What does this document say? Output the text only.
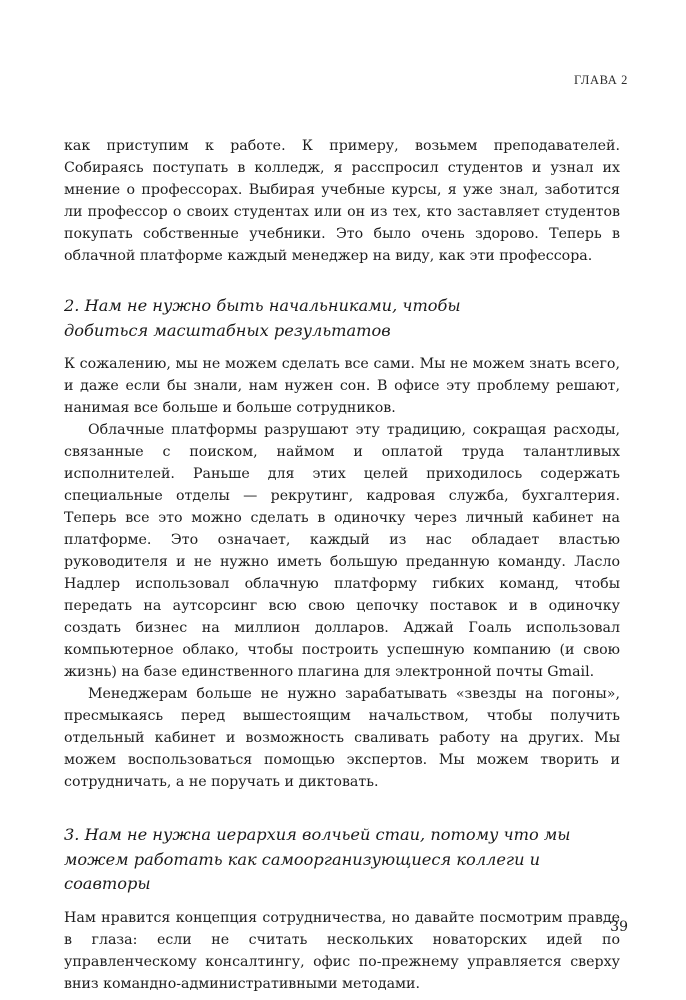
ГЛАВА 2

как приступим к работе. К примеру, возьмем преподавателей. Собираясь поступать в колледж, я расспросил студентов и узнал их мнение о профессорах. Выбирая учебные курсы, я уже знал, заботится ли профессор о своих студентах или он из тех, кто заставляет студентов покупать собственные учебники. Это было очень здорово. Теперь в облачной платформе каждый менеджер на виду, как эти профессора.

2. Нам не нужно быть начальниками, чтобы
добиться масштабных результатов

К сожалению, мы не можем сделать все сами. Мы не можем знать всего, и даже если бы знали, нам нужен сон. В офисе эту проблему решают, нанимая все больше и больше сотрудников.

Облачные платформы разрушают эту традицию, сокращая расходы, связанные с поиском, наймом и оплатой труда талантливых исполнителей. Раньше для этих целей приходилось содержать специальные отделы — рекрутинг, кадровая служба, бухгалтерия. Теперь все это можно сделать в одиночку через личный кабинет на платформе. Это означает, каждый из нас обладает властью руководителя и не нужно иметь большую преданную команду. Ласло Надлер использовал облачную платформу гибких команд, чтобы передать на аутсорсинг всю свою цепочку поставок и в одиночку создать бизнес на миллион долларов. Аджай Гоаль использовал компьютерное облако, чтобы построить успешную компанию (и свою жизнь) на базе единственного плагина для электронной почты Gmail.

Менеджерам больше не нужно зарабатывать «звезды на погоны», пресмыкаясь перед вышестоящим начальством, чтобы получить отдельный кабинет и возможность сваливать работу на других. Мы можем воспользоваться помощью экспертов. Мы можем творить и сотрудничать, а не поручать и диктовать.

3. Нам не нужна иерархия волчьей стаи, потому что мы
можем работать как самоорганизующиеся коллеги и соавторы

Нам нравится концепция сотрудничества, но давайте посмотрим правде в глаза: если не считать нескольких новаторских идей по управленческому консалтингу, офис по-прежнему управляется сверху вниз командно-административными методами.

39
